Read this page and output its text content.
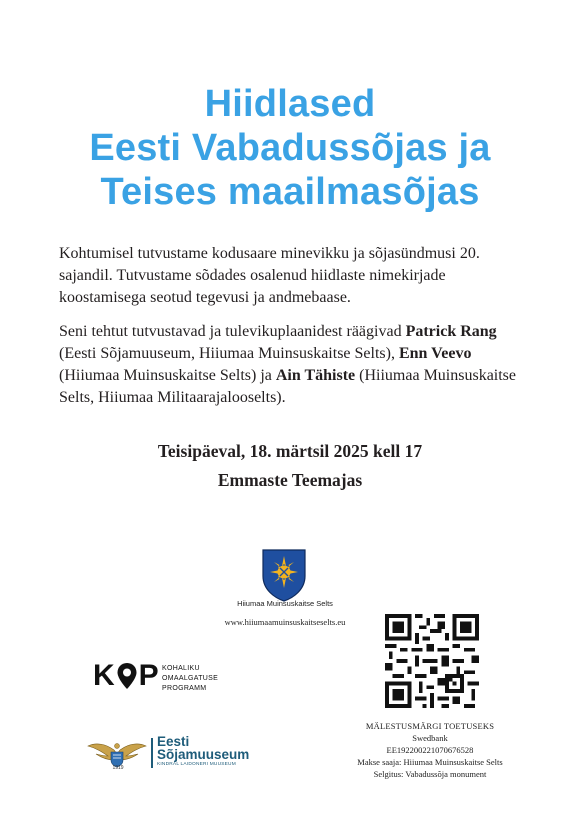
Hiidlased
Eesti Vabadussõjas ja
Teises maailmasõjas

Kohtumisel tutvustame kodusaare minevikku ja sõjasündmusi 20. sajandil. Tutvustame sõdades osalenud hiidlaste nimekirjade koostamisega seotud tegevusi ja andmebaase.

Seni tehtut tutvustavad ja tulevikuplaanidest räägivad Patrick Rang (Eesti Sõjamuuseum, Hiiumaa Muinsuskaitse Selts), Enn Veevo (Hiiumaa Muinsuskaitse Selts) ja Ain Tähiste (Hiiumaa Muinsuskaitse Selts, Hiiumaa Militaarajalooselts).

Teisipäeval, 18. märtsil 2025 kell 17

Emmaste Teemajas

Hiiumaa Muinsuskaitse Selts
www.hiiumaamuinsuskaitseselts.eu
K P KOHALIKU
OMAALGATUSE
PROGRAMM
MÄLESTUSMÄRGI TOETUSEKS
Swedbank
EE192200221070676528
Makse saaja: Hiiumaa Muinsuskaitse Selts
Selgitus: Vabadussõja monument
1919
Eesti
Sõjamuuseum
KINDRAL LAIDONERI MUUSEUM
